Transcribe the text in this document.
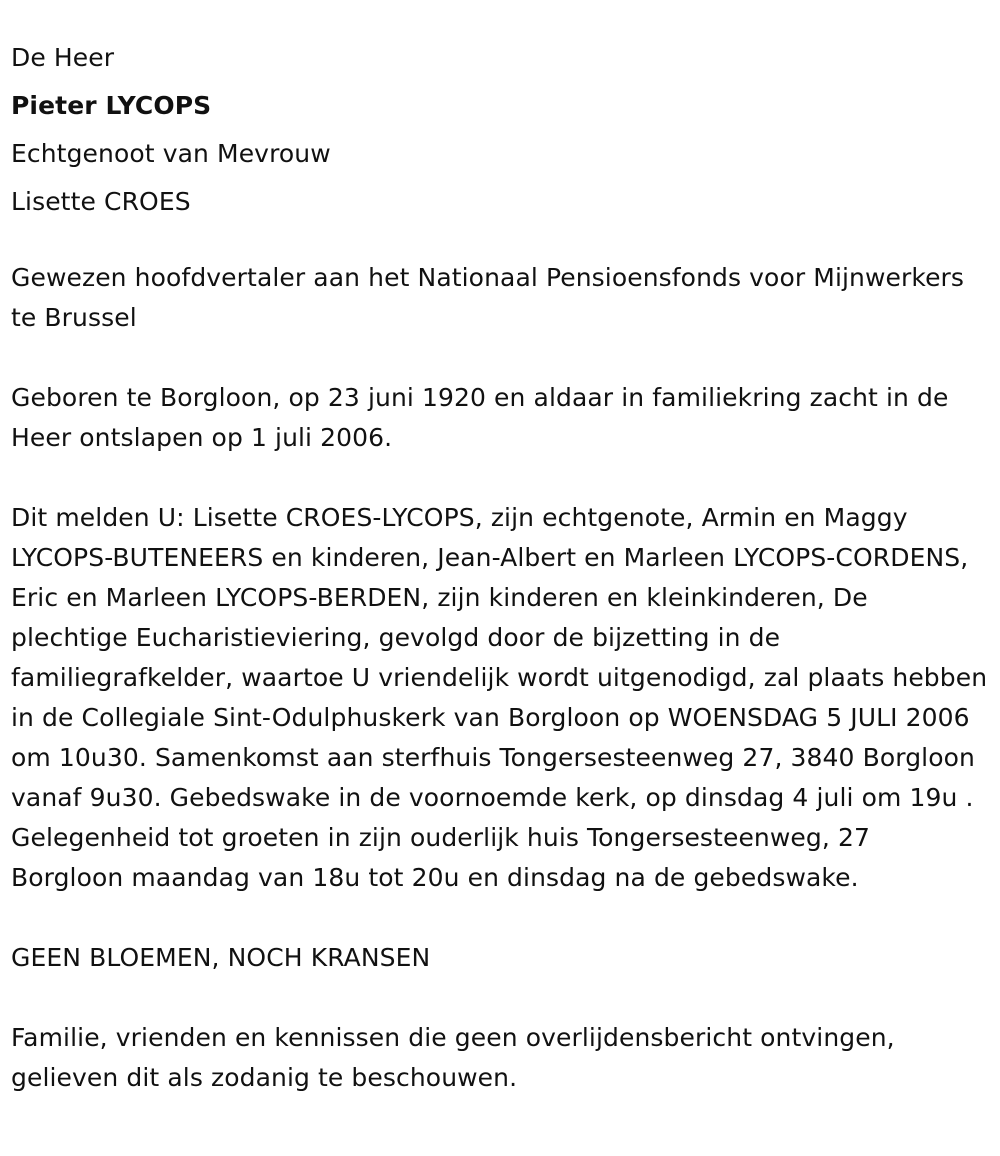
De Heer
Pieter LYCOPS
Echtgenoot van Mevrouw
Lisette CROES

Gewezen hoofdvertaler aan het Nationaal Pensioensfonds voor Mijnwerkers te Brussel

Geboren te Borgloon, op 23 juni 1920 en aldaar in familiekring zacht in de Heer ontslapen op 1 juli 2006.

Dit melden U: Lisette CROES-LYCOPS, zijn echtgenote, Armin en Maggy LYCOPS-BUTENEERS en kinderen, Jean-Albert en Marleen LYCOPS-CORDENS, Eric en Marleen LYCOPS-BERDEN, zijn kinderen en kleinkinderen, De plechtige Eucharistieviering, gevolgd door de bijzetting in de familiegrafkelder, waartoe U vriendelijk wordt uitgenodigd, zal plaats hebben in de Collegiale Sint-Odulphuskerk van Borgloon op WOENSDAG 5 JULI 2006 om 10u30. Samenkomst aan sterfhuis Tongersesteenweg 27, 3840 Borgloon vanaf 9u30. Gebedswake in de voornoemde kerk, op dinsdag 4 juli om 19u . Gelegenheid tot groeten in zijn ouderlijk huis Tongersesteenweg, 27 Borgloon maandag van 18u tot 20u en dinsdag na de gebedswake.

GEEN BLOEMEN, NOCH KRANSEN

Familie, vrienden en kennissen die geen overlijdensbericht ontvingen, gelieven dit als zodanig te beschouwen.
